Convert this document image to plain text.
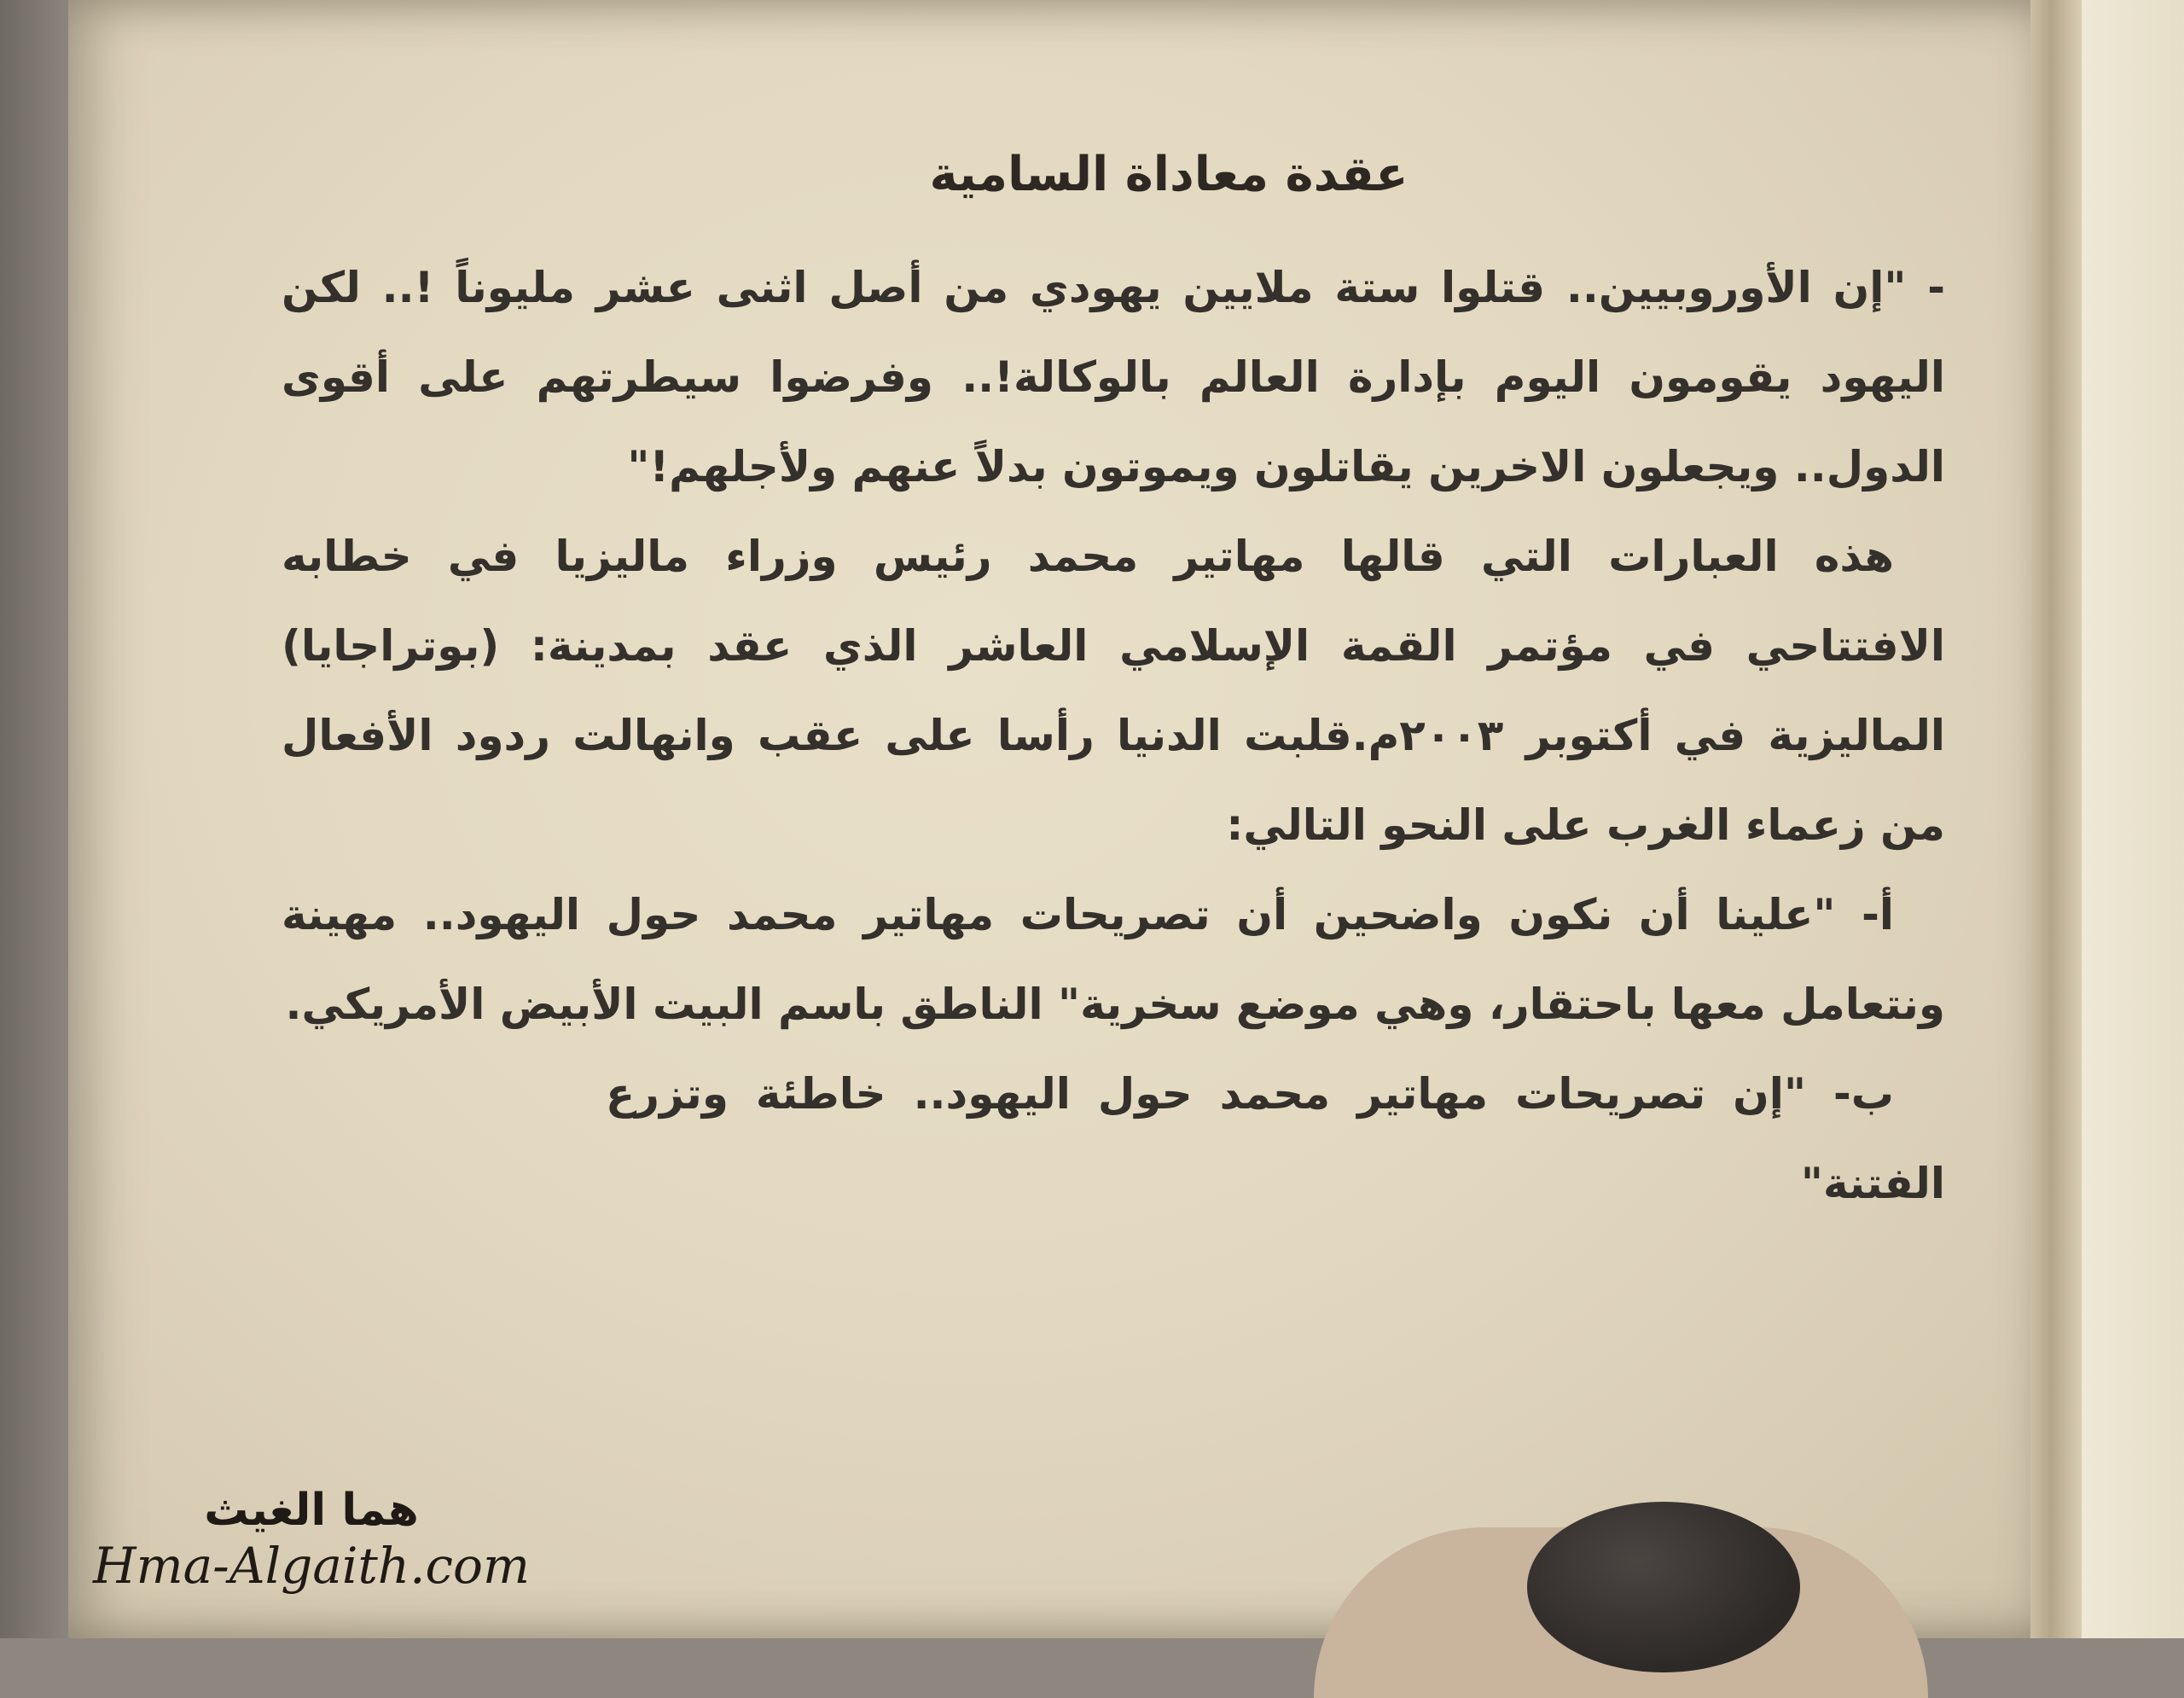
عقدة معاداة السامية

- "إن الأوروبيين.. قتلوا ستة ملايين يهودي من أصل اثنى عشر مليوناً !.. لكن اليهود يقومون اليوم بإدارة العالم بالوكالة!.. وفرضوا سيطرتهم على أقوى الدول.. ويجعلون الاخرين يقاتلون ويموتون بدلاً عنهم ولأجلهم!"

هذه العبارات التي قالها مهاتير محمد رئيس وزراء ماليزيا في خطابه الافتتاحي في مؤتمر القمة الإسلامي العاشر الذي عقد بمدينة: (بوتراجايا) الماليزية في أكتوبر ٢٠٠٣م.قلبت الدنيا رأسا على عقب وانهالت ردود الأفعال من زعماء الغرب على النحو التالي:

أ- "علينا أن نكون واضحين أن تصريحات مهاتير محمد حول اليهود.. مهينة ونتعامل معها باحتقار، وهي موضع سخرية" الناطق باسم البيت الأبيض الأمريكي.

ب- "إن تصريحات مهاتير محمد حول اليهود.. خاطئة وتزرع الفتنة"

هما الغيث
Hma-Algaith.com
